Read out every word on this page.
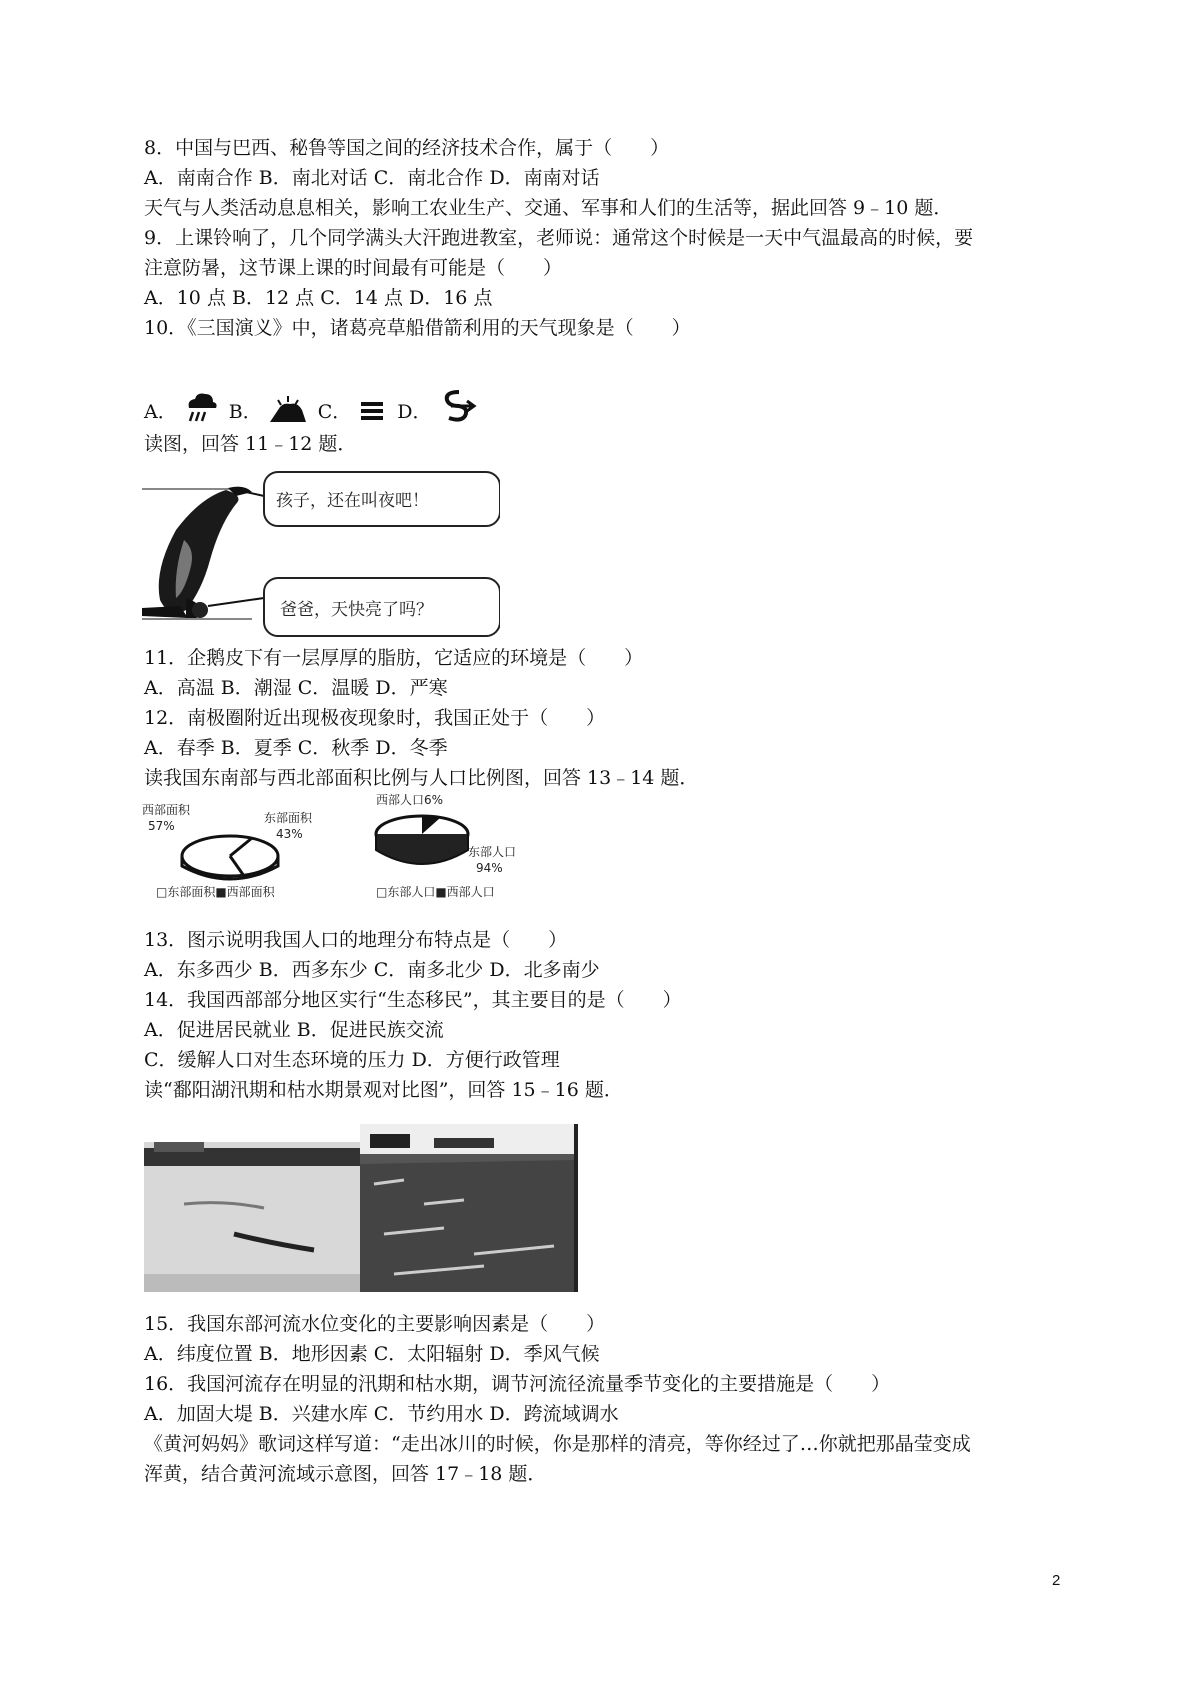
8．中国与巴西、秘鲁等国之间的经济技术合作，属于（　　）
A．南南合作 B．南北对话 C．南北合作 D．南南对话
天气与人类活动息息相关，影响工农业生产、交通、军事和人们的生活等，据此回答 9﹣10 题．
9．上课铃响了，几个同学满头大汗跑进教室，老师说：通常这个时候是一天中气温最高的时候，要
注意防暑，这节课上课的时间最有可能是（　　）
A．10 点 B．12 点 C．14 点 D．16 点
10．《三国演义》中，诸葛亮草船借箭利用的天气现象是（　　）
A．	B．	C． D．
读图，回答 11﹣12 题．
孩子，还在叫夜吧！
爸爸，天快亮了吗？
11．企鹅皮下有一层厚厚的脂肪，它适应的环境是（　　）
A．高温 B．潮湿 C．温暖 D．严寒
12．南极圈附近出现极夜现象时，我国正处于（　　）
A．春季 B．夏季 C．秋季 D．冬季
读我国东南部与西北部面积比例与人口比例图，回答 13﹣14 题．
西部面积
57%
东部面积
43%
□东部面积■西部面积
西部人口6%
东部人口
94%
□东部人口■西部人口
13．图示说明我国人口的地理分布特点是（　　）
A．东多西少 B．西多东少 C．南多北少 D．北多南少
14．我国西部部分地区实行“生态移民”，其主要目的是（　　）
A．促进居民就业 B．促进民族交流
C．缓解人口对生态环境的压力 D．方便行政管理
读“鄱阳湖汛期和枯水期景观对比图”，回答 15﹣16 题．
15．我国东部河流水位变化的主要影响因素是（　　）
A．纬度位置 B．地形因素 C．太阳辐射 D．季风气候
16．我国河流存在明显的汛期和枯水期，调节河流径流量季节变化的主要措施是（　　）
A．加固大堤 B．兴建水库 C．节约用水 D．跨流域调水
《黄河妈妈》歌词这样写道：“走出冰川的时候，你是那样的清亮，等你经过了…你就把那晶莹变成
浑黄，结合黄河流域示意图，回答 17﹣18 题．
2
